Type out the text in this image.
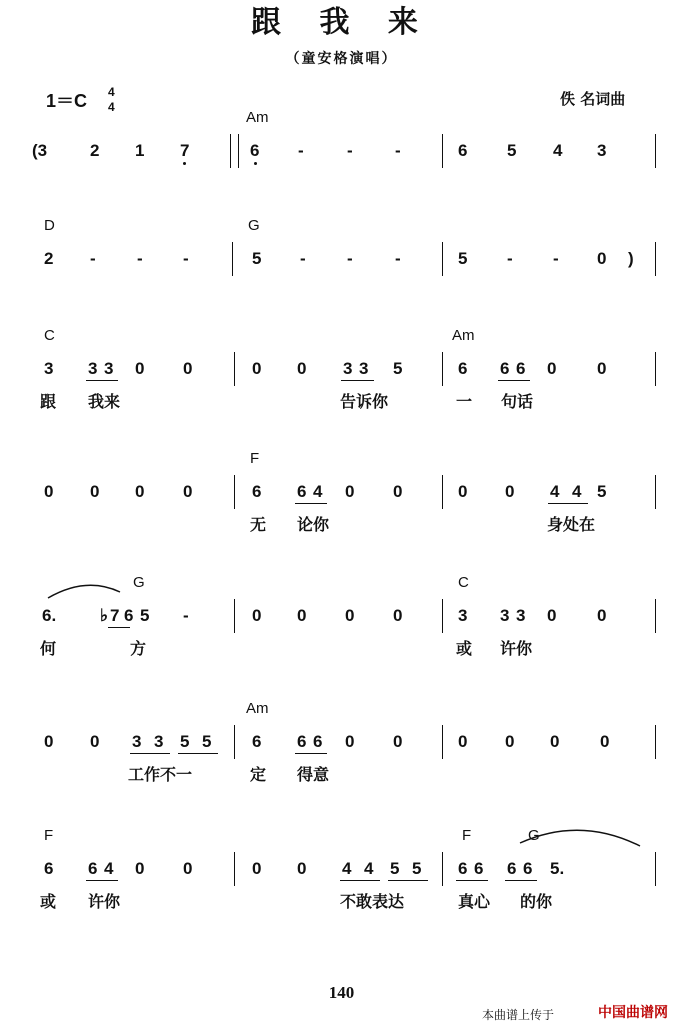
跟 我 来
（童安格演唱）
1＝C 4
4	佚 名词曲
Am
(3	2 1 7	6 -	- -	6 5 4 3
D	G
2 - - -	5 - - -	5 - - 0 )
C	Am
3 3 3 0 0	0 0 3 3 5	6 6 6 0 0
跟 我来	告诉你	一 句话
F
0 0 0 0	6 6 4 0 0	0 0 4 4 5
无 论你	身处在
G	C
6.	♭ 7 6 5 -	0 0 0 0	3 3 3 0 0
何	方	或 许你
Am
0 0 3 3 5 5 6 6 6 0 0	0 0 0 0
工作不一	定 得意
F	F	G
6 6 4 0 0	0 0 4 4 5 5 6 6 6 6 5.
或 许你	不敢表达	真心 的你
140
本曲谱上传于	中国曲谱网
